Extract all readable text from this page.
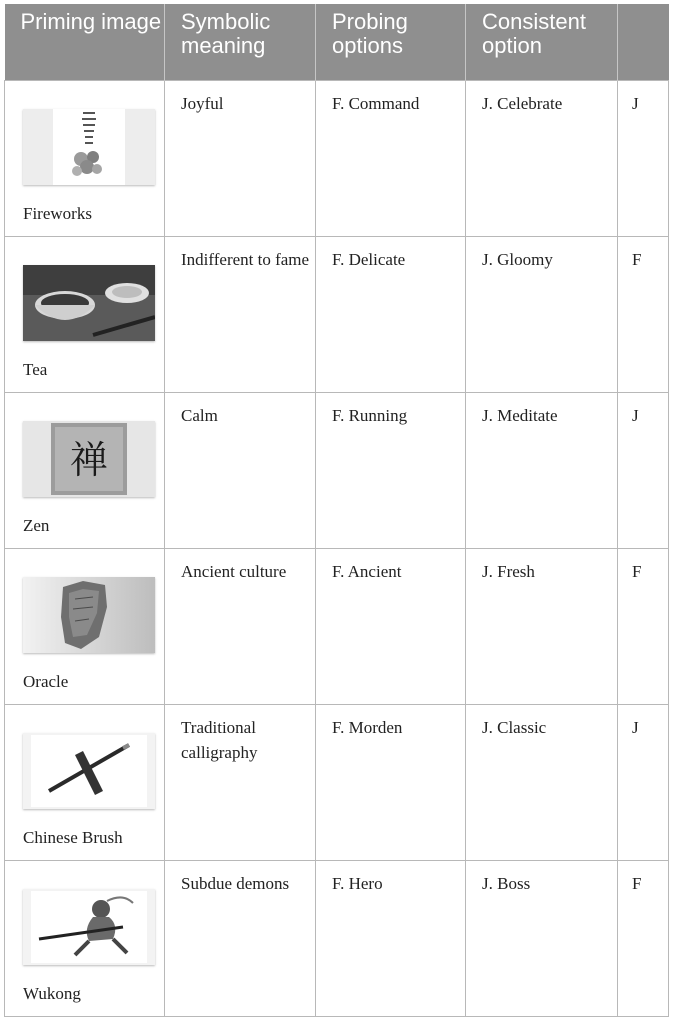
Priming image	Symbolic meaning	Probing options	Consistent option	

Fireworks	Joyful	F. Command	J. Celebrate	J

Tea	Indifferent to fame	F. Delicate	J. Gloomy	F

禅
Zen	Calm	F. Running	J. Meditate	J

Oracle	Ancient culture	F. Ancient	J. Fresh	F

Chinese Brush	Traditional calligraphy	F. Morden	J. Classic	J

Wukong	Subdue demons	F. Hero	J. Boss	F
